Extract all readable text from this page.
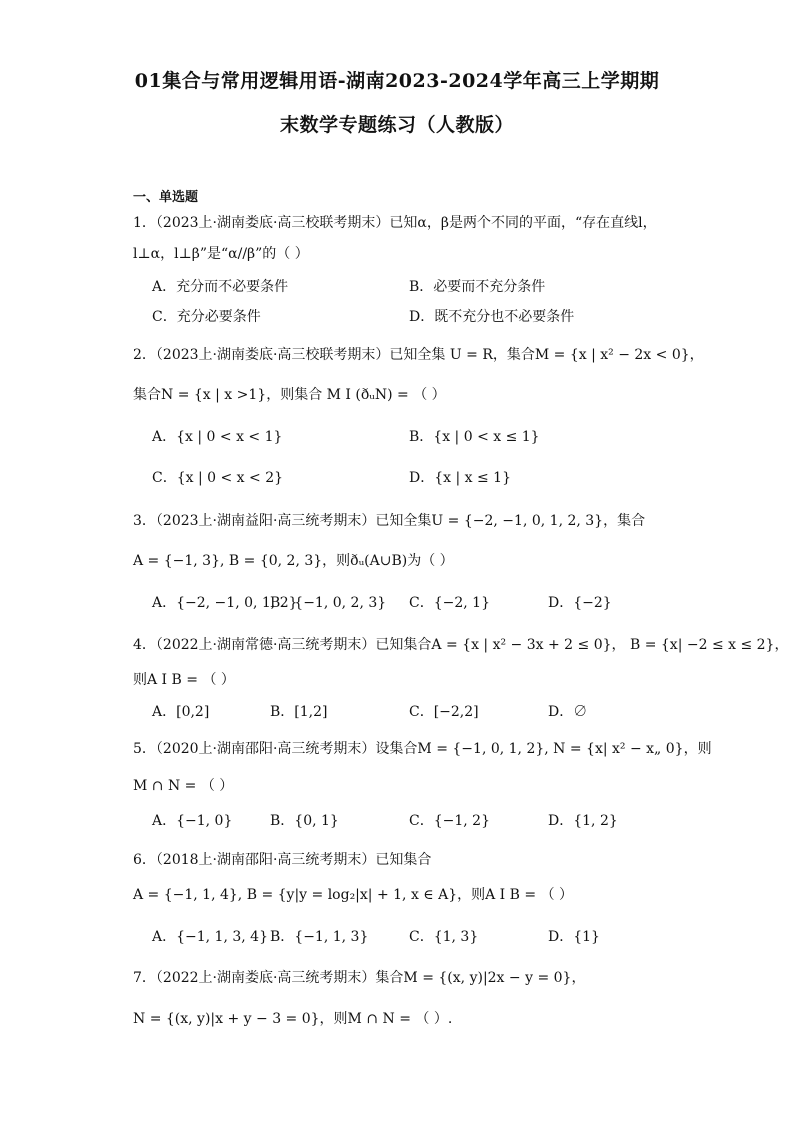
01集合与常用逻辑用语-湖南2023-2024学年高三上学期期
末数学专题练习（人教版）
一、单选题
1．（2023上·湖南娄底·高三校联考期末）已知α，β是两个不同的平面，“存在直线l，
l⊥α，l⊥β”是“α//β”的（ ）
A．充分而不必要条件	B．必要而不充分条件
C．充分必要条件	D．既不充分也不必要条件
2．（2023上·湖南娄底·高三校联考期末）已知全集 U = R，集合M = {x | x² − 2x < 0}，
集合N = {x | x >1}，则集合 M I (ðᵤN) = （ ）
A．{x | 0 < x < 1}	B．{x | 0 < x ≤ 1}
C．{x | 0 < x < 2}	D．{x | x ≤ 1}
3．（2023上·湖南益阳·高三统考期末）已知全集U = {−2, −1, 0, 1, 2, 3}，集合
A = {−1, 3}, B = {0, 2, 3}，则ðᵤ(A∪B)为（ ）
A．{−2, −1, 0, 1, 2}
B．{−1, 0, 2, 3} C．{−2, 1}	D．{−2}
4．（2022上·湖南常德·高三统考期末）已知集合A = {x | x² − 3x + 2 ≤ 0}， B = {x| −2 ≤ x ≤ 2}，
则A I B = （ ）
A．[0,2]	B．[1,2]	C．[−2,2]	D．∅
5．（2020上·湖南邵阳·高三统考期末）设集合M = {−1, 0, 1, 2}, N = {x| x² − x„ 0}，则
M ∩ N = （ ）
A．{−1, 0}	B．{0, 1}	C．{−1, 2}	D．{1, 2}
6．（2018上·湖南邵阳·高三统考期末）已知集合
A = {−1, 1, 4}, B = {y|y = log₂|x| + 1, x ∈ A}，则A I B = （ ）
A．{−1, 1, 3, 4} B．{−1, 1, 3}	C．{1, 3}	D．{1}
7．（2022上·湖南娄底·高三统考期末）集合M = {(x, y)|2x − y = 0}，
N = {(x, y)|x + y − 3 = 0}，则M ∩ N = （ ）.
